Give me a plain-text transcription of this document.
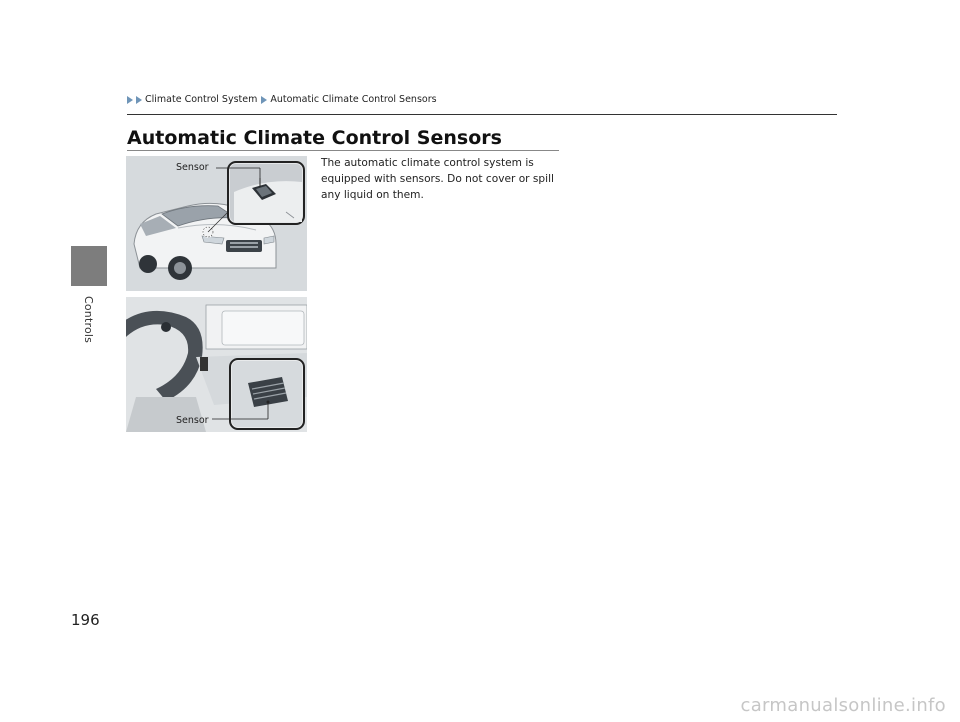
Controls
Climate Control System Automatic Climate Control Sensors
Automatic Climate Control Sensors

The automatic climate control system is equipped with sensors. Do not cover or spill any liquid on them.

Sensor
Sensor
196
carmanualsonline.info
